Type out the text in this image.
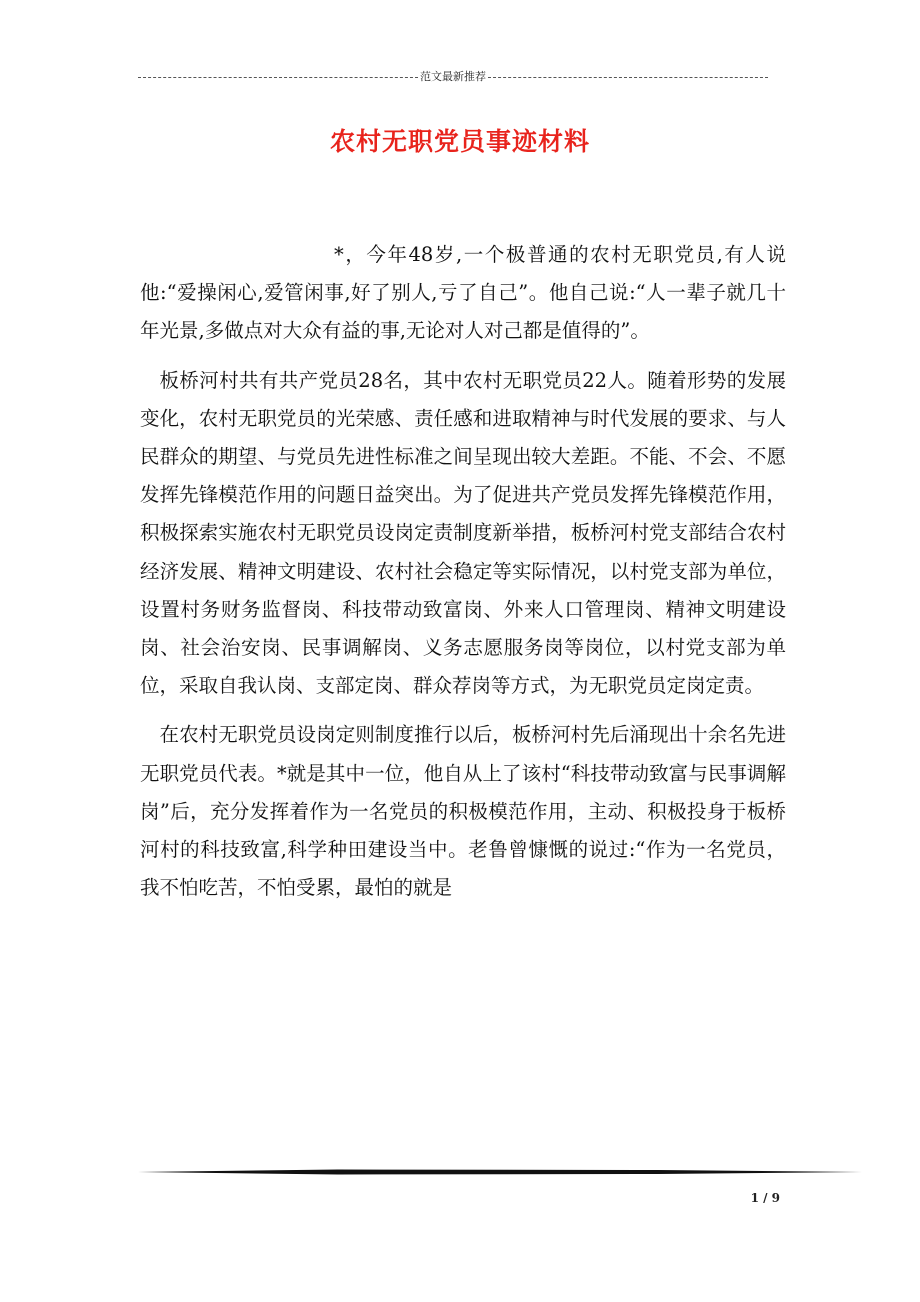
范文最新推荐
农村无职党员事迹材料

*，今年48岁,一个极普通的农村无职党员,有人说他:“爱操闲心,爱管闲事,好了别人,亏了自己”。他自己说:“人一辈子就几十年光景,多做点对大众有益的事,无论对人对己都是值得的”。

板桥河村共有共产党员28名，其中农村无职党员22人。随着形势的发展变化，农村无职党员的光荣感、责任感和进取精神与时代发展的要求、与人民群众的期望、与党员先进性标准之间呈现出较大差距。不能、不会、不愿发挥先锋模范作用的问题日益突出。为了促进共产党员发挥先锋模范作用，积极探索实施农村无职党员设岗定责制度新举措，板桥河村党支部结合农村经济发展、精神文明建设、农村社会稳定等实际情况，以村党支部为单位，设置村务财务监督岗、科技带动致富岗、外来人口管理岗、精神文明建设岗、社会治安岗、民事调解岗、义务志愿服务岗等岗位，以村党支部为单位，采取自我认岗、支部定岗、群众荐岗等方式，为无职党员定岗定责。

在农村无职党员设岗定则制度推行以后，板桥河村先后涌现出十余名先进无职党员代表。*就是其中一位，他自从上了该村“科技带动致富与民事调解岗”后，充分发挥着作为一名党员的积极模范作用，主动、积极投身于板桥河村的科技致富,科学种田建设当中。老鲁曾慷慨的说过:“作为一名党员，我不怕吃苦，不怕受累，最怕的就是

1 / 9
